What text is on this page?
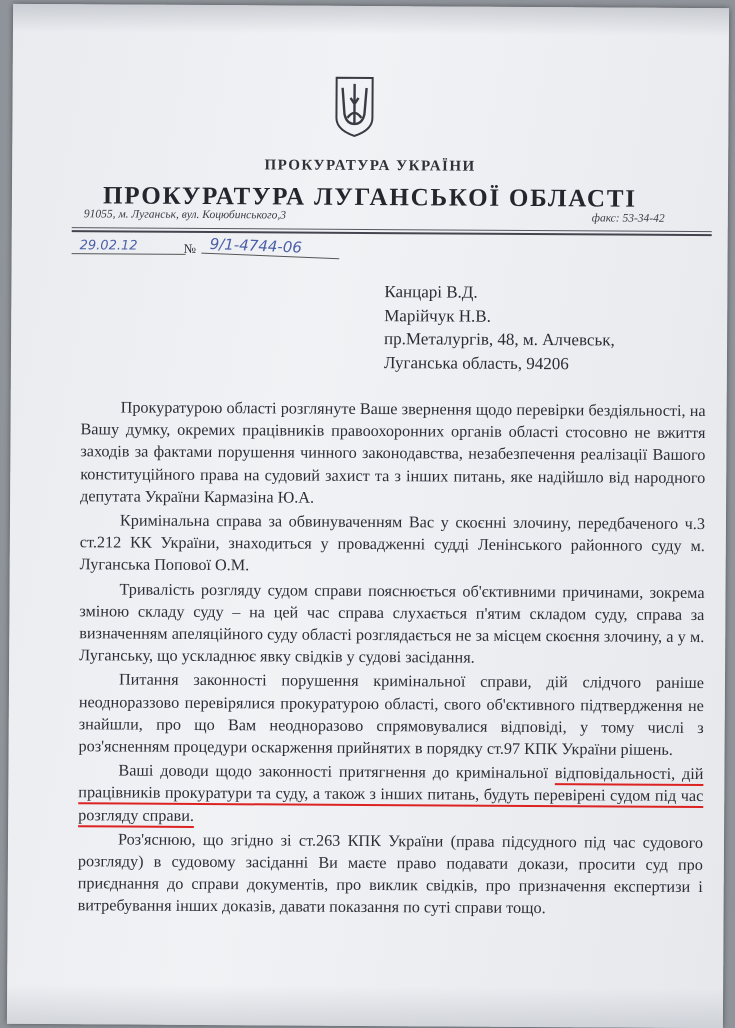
ПРОКУРАТУРА УКРАЇНИ
ПРОКУРАТУРА ЛУГАНСЬКОЇ ОБЛАСТІ
91055, м. Луганськ, вул. Коцюбинського,3	факс: 53-34-42
29.02.12	№ 9/1-4744-06
Канцарі В.Д.
Марійчук Н.В.
пр.Металургів, 48, м. Алчевськ,
Луганська область, 94206

Прокуратурою області розглянуте Ваше звернення щодо перевірки бездіяльності, на Вашу думку, окремих працівників правоохоронних органів області стосовно не вжиття заходів за фактами порушення чинного законодавства, незабезпечення реалізації Вашого конституційного права на судовий захист та з інших питань, яке надійшло від народного депутата України Кармазіна Ю.А.

Кримінальна справа за обвинуваченням Вас у скоєнні злочину, передбаченого ч.3 ст.212 КК України, знаходиться у провадженні судді Ленінського районного суду м. Луганська Попової О.М.

Тривалість розгляду судом справи пояснюється об'єктивними причинами, зокрема зміною складу суду – на цей час справа слухається п'ятим складом суду, справа за визначенням апеляційного суду області розглядається не за місцем скоєння злочину, а у м. Луганську, що ускладнює явку свідків у судові засідання.

Питання законності порушення кримінальної справи, дій слідчого раніше неоднораззово перевірялися прокуратурою області, свого об'єктивного підтвердження не знайшли, про що Вам неодноразово спрямовувалися відповіді, у тому числі з роз'ясненням процедури оскарження прийнятих в порядку ст.97 КПК України рішень.

Ваші доводи щодо законності притягнення до кримінальної відповідальності, дій працівників прокуратури та суду, а також з інших питань, будуть перевірені судом під час розгляду справи.

Роз'яснюю, що згідно зі ст.263 КПК України (права підсудного під час судового розгляду) в судовому засіданні Ви маєте право подавати докази, просити суд про приєднання до справи документів, про виклик свідків, про призначення експертизи і витребування інших доказів, давати показання по суті справи тощо.
